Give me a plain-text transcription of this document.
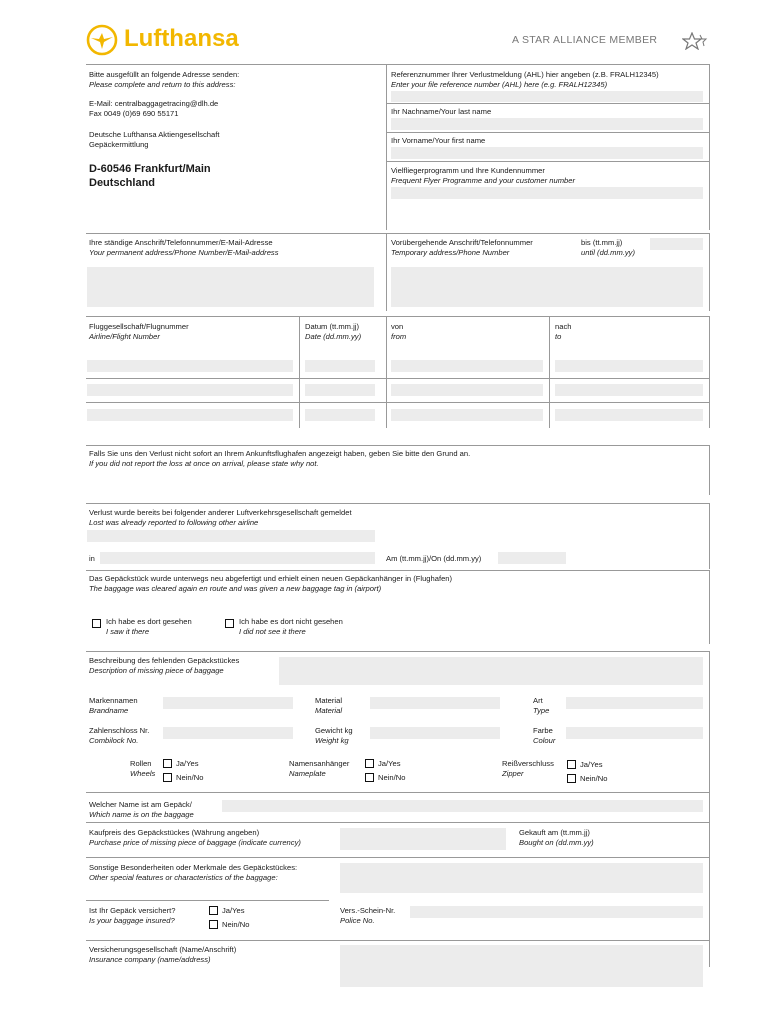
Lufthansa	A STAR ALLIANCE MEMBER
Bitte ausgefüllt an folgende Adresse senden:
Please complete and return to this address:
E-Mail: centralbaggagetracing@dlh.de
Fax 0049 (0)69 690 55171
Deutsche Lufthansa Aktiengesellschaft
Gepäckermittlung
D-60546 Frankfurt/Main
Deutschland
Referenznummer Ihrer Verlustmeldung (AHL) hier angeben (z.B. FRALH12345)
Enter your file reference number (AHL) here (e.g. FRALH12345)
Ihr Nachname/Your last name
Ihr Vorname/Your first name
Vielfliegerprogramm und Ihre Kundennummer
Frequent Flyer Programme and your customer number
Ihre ständige Anschrift/Telefonnummer/E-Mail-Adresse
Your permanent address/Phone Number/E-Mail-address
Vorübergehende Anschrift/Telefonnummer
Temporary address/Phone Number
bis (tt.mm.jj)
until (dd.mm.yy)
Fluggesellschaft/Flugnummer
Airline/Flight Number
Datum (tt.mm.jj)
Date (dd.mm.yy)
von
from
nach
to
Falls Sie uns den Verlust nicht sofort an Ihrem Ankunftsflughafen angezeigt haben, geben Sie bitte den Grund an.
If you did not report the loss at once on arrival, please state why not.
Verlust wurde bereits bei folgender anderer Luftverkehrsgesellschaft gemeldet
Lost was already reported to following other airline
in	Am (tt.mm.jj)/On (dd.mm.yy)
Das Gepäckstück wurde unterwegs neu abgefertigt und erhielt einen neuen Gepäckanhänger in (Flughafen)
The baggage was cleared again en route and was given a new baggage tag in (airport)
Ich habe es dort gesehen
I saw it there
Ich habe es dort nicht gesehen
I did not see it there
Beschreibung des fehlenden Gepäckstückes
Description of missing piece of baggage
Markennamen
Brandname
Material
Material
Art
Type
Zahlenschloss Nr.
Combilock No.
Gewicht kg
Weight kg
Farbe
Colour
Rollen
Wheels
Ja/Yes
Nein/No
Namensanhänger
Nameplate
Ja/Yes
Nein/No
Reißverschluss
Zipper
Ja/Yes
Nein/No
Welcher Name ist am Gepäck/
Which name is on the baggage
Kaufpreis des Gepäckstückes (Währung angeben)
Purchase price of missing piece of baggage (indicate currency)
Gekauft am (tt.mm.jj)
Bought on (dd.mm.yy)
Sonstige Besonderheiten oder Merkmale des Gepäckstückes:
Other special features or characteristics of the baggage:
Ist Ihr Gepäck versichert?
Is your baggage insured?
Ja/Yes
Nein/No
Vers.-Schein-Nr.
Police No.
Versicherungsgesellschaft (Name/Anschrift)
Insurance company (name/address)
